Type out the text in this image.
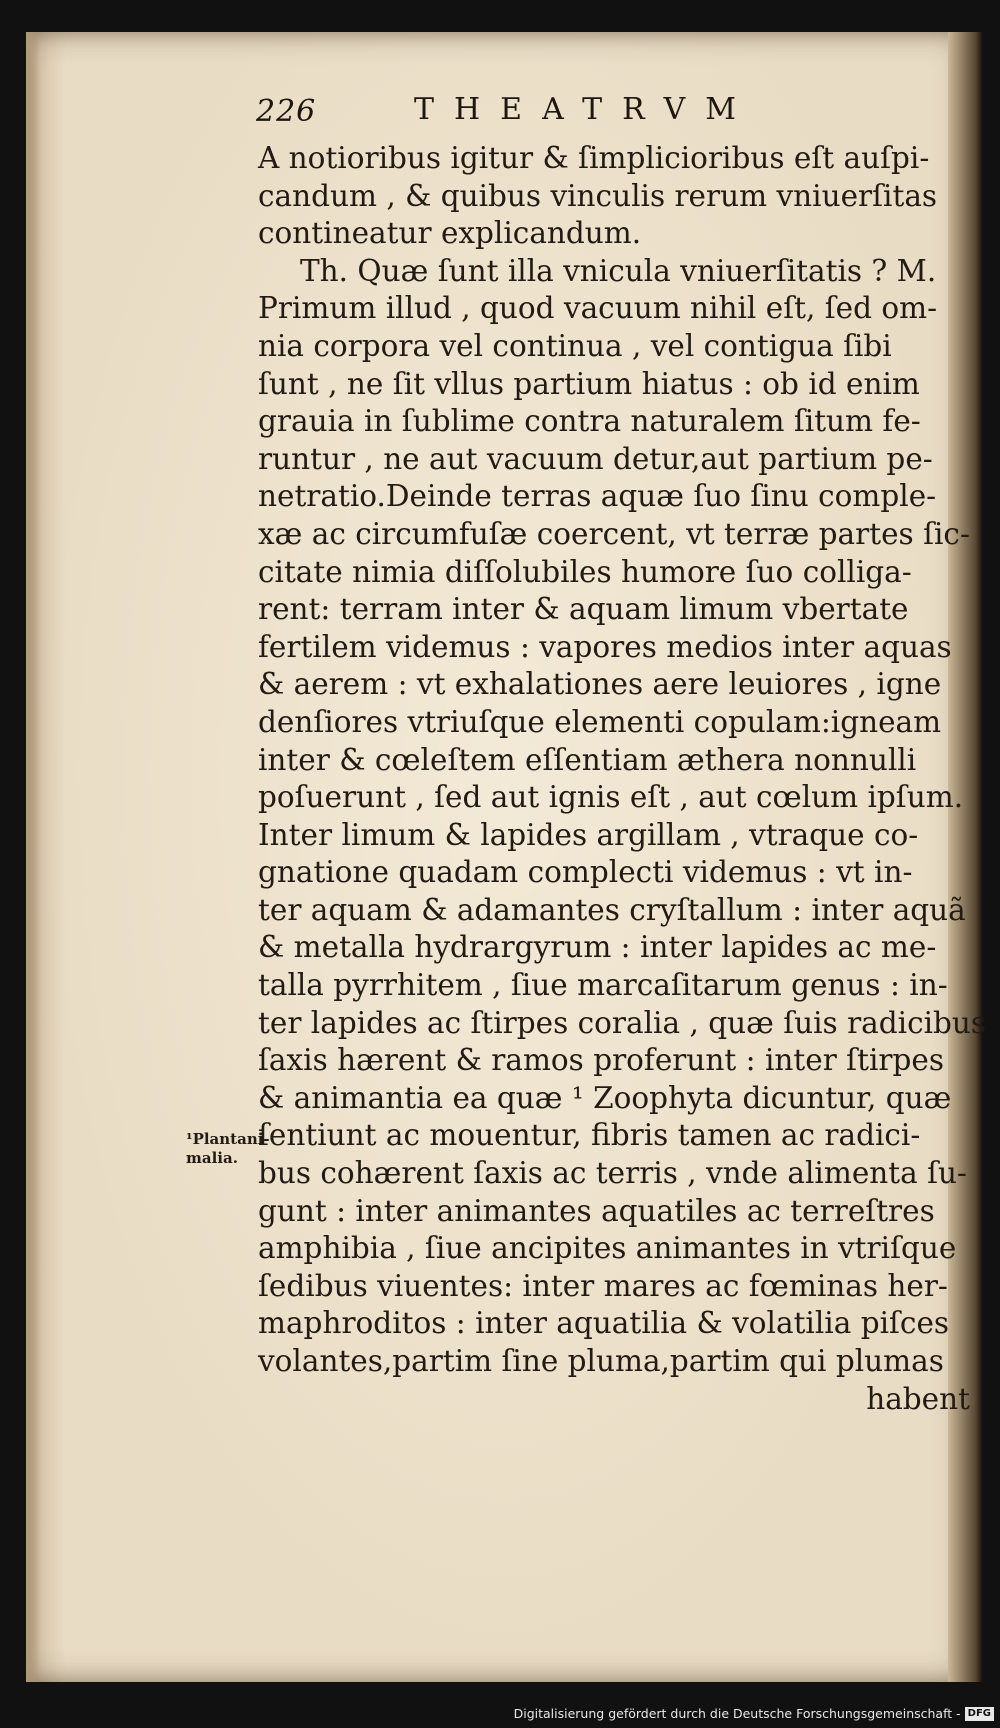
226	THEATRVM
A notioribus igitur & ſimplicioribus eſt auſpi-
candum , & quibus vinculis rerum vniuerſitas
contineatur explicandum.
Th. Quæ ſunt illa vnicula vniuerſitatis ? M.
Primum illud , quod vacuum nihil eſt, ſed om-
nia corpora vel continua , vel contigua ſibi
ſunt , ne ſit vllus partium hiatus : ob id enim
grauia in ſublime contra naturalem ſitum fe-
runtur , ne aut vacuum detur,aut partium pe-
netratio.Deinde terras aquæ ſuo ſinu comple-
xæ ac circumfuſæ coercent, vt terræ partes ſic-
citate nimia diſſolubiles humore ſuo colliga-
rent: terram inter & aquam limum vbertate
fertilem videmus : vapores medios inter aquas
& aerem : vt exhalationes aere leuiores , igne
denſiores vtriuſque elementi copulam:igneam
inter & cœleſtem eſſentiam æthera nonnulli
poſuerunt , ſed aut ignis eſt , aut cœlum ipſum.
Inter limum & lapides argillam , vtraque co-
gnatione quadam complecti videmus : vt in-
ter aquam & adamantes cryſtallum : inter aquã
& metalla hydrargyrum : inter lapides ac me-
talla pyrrhitem , ſiue marcaſitarum genus : in-
ter lapides ac ſtirpes coralia , quæ ſuis radicibus
ſaxis hærent & ramos proferunt : inter ſtirpes
& animantia ea quæ ¹ Zoophyta dicuntur, quæ
ſentiunt ac mouentur, fibris tamen ac radici-
bus cohærent ſaxis ac terris , vnde alimenta ſu-
gunt : inter animantes aquatiles ac terreſtres
amphibia , ſiue ancipites animantes in vtriſque
ſedibus viuentes: inter mares ac fœminas her-
maphroditos : inter aquatilia & volatilia piſces
volantes,partim ſine pluma,partim qui plumas
habent
¹Plantani-
malia.
Digitalisierung gefördert durch die Deutsche Forschungsgemeinschaft - DFG
